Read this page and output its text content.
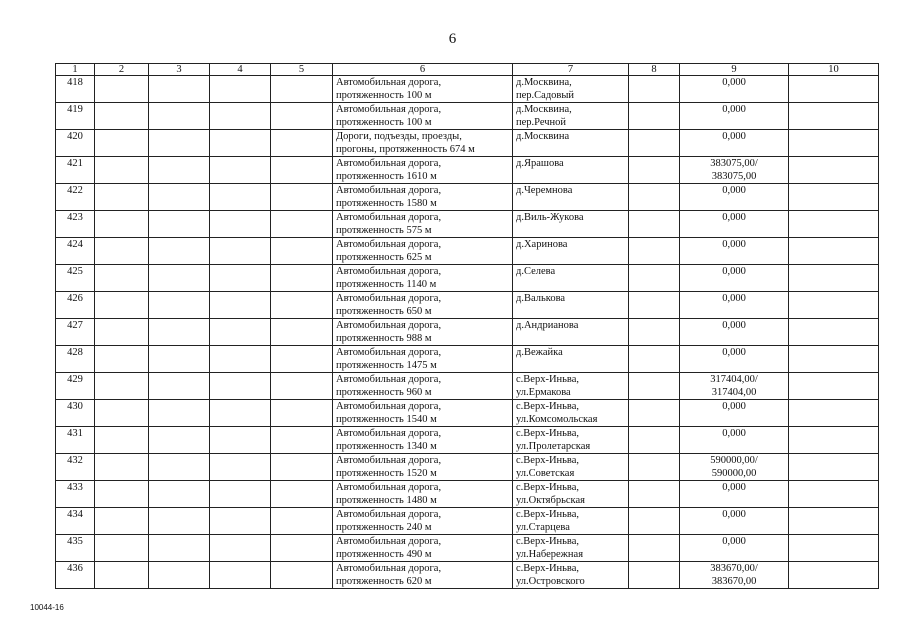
6
1	2	3	4	5	6	7	8	9	10
418					Автомобильная дорога,
протяженность 100 м	д.Москвина,
пер.Садовый		0,000	

419					Автомобильная дорога,
протяженность 100 м	д.Москвина,
пер.Речной		0,000	

420					Дороги, подъезды, проезды,
прогоны, протяженность 674 м	д.Москвина		0,000	

421					Автомобильная дорога,
протяженность 1610 м	д.Ярашова		383075,00/
383075,00	

422					Автомобильная дорога,
протяженность 1580 м	д.Черемнова		0,000	

423					Автомобильная дорога,
протяженность 575 м	д.Виль-Жукова		0,000	

424					Автомобильная дорога,
протяженность 625 м	д.Харинова		0,000	

425					Автомобильная дорога,
протяженность 1140 м	д.Селева		0,000	

426					Автомобильная дорога,
протяженность 650 м	д.Валькова		0,000	

427					Автомобильная дорога,
протяженность 988 м	д.Андрианова		0,000	

428					Автомобильная дорога,
протяженность 1475 м	д.Вежайка		0,000	

429					Автомобильная дорога,
протяженность 960 м	с.Верх-Иньва,
ул.Ермакова		317404,00/
317404,00	

430					Автомобильная дорога,
протяженность 1540 м	с.Верх-Иньва,
ул.Комсомольская		0,000	

431					Автомобильная дорога,
протяженность 1340 м	с.Верх-Иньва,
ул.Пролетарская		0,000	

432					Автомобильная дорога,
протяженность 1520 м	с.Верх-Иньва,
ул.Советская		590000,00/
590000,00	

433					Автомобильная дорога,
протяженность 1480 м	с.Верх-Иньва,
ул.Октябрьская		0,000	

434					Автомобильная дорога,
протяженность 240 м	с.Верх-Иньва,
ул.Старцева		0,000	

435					Автомобильная дорога,
протяженность 490 м	с.Верх-Иньва,
ул.Набережная		0,000	

436					Автомобильная дорога,
протяженность 620 м	с.Верх-Иньва,
ул.Островского		383670,00/
383670,00	

10044-16
